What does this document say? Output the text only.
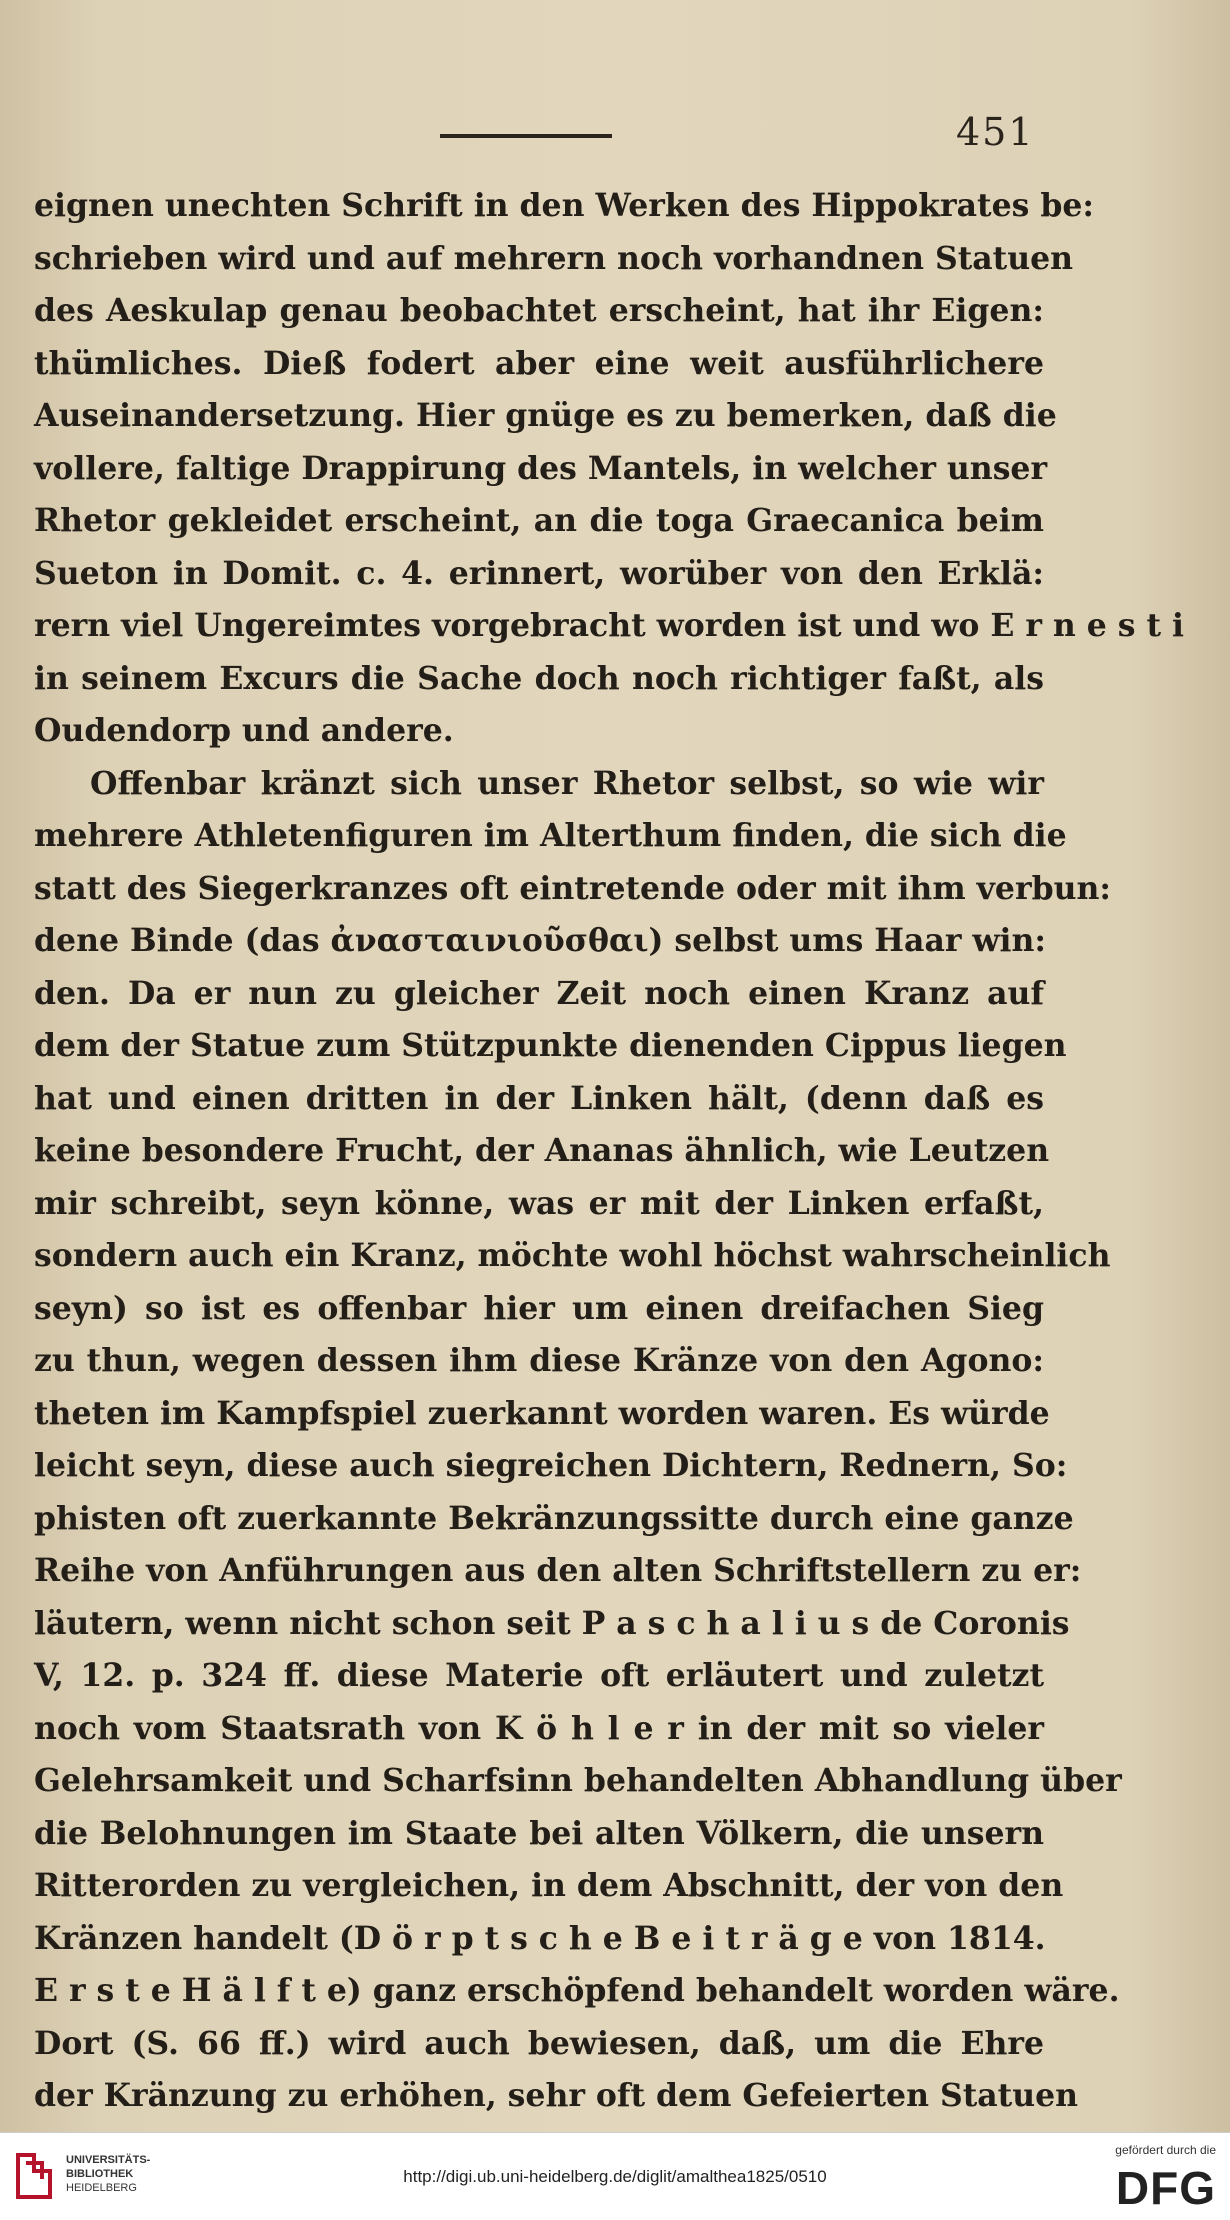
451
eignen unechten Schrift in den Werken des Hippokrates be:
schrieben wird und auf mehrern noch vorhandnen Statuen
des Aeskulap genau beobachtet erscheint, hat ihr Eigen:
thümliches. Dieß fodert aber eine weit ausführlichere
Auseinandersetzung. Hier gnüge es zu bemerken, daß die
vollere, faltige Drappirung des Mantels, in welcher unser
Rhetor gekleidet erscheint, an die toga Graecanica beim
Sueton in Domit. c. 4. erinnert, worüber von den Erklä:
rern viel Ungereimtes vorgebracht worden ist und wo E r n e s t i
in seinem Excurs die Sache doch noch richtiger faßt, als
Oudendorp und andere.
Offenbar kränzt sich unser Rhetor selbst, so wie wir
mehrere Athletenfiguren im Alterthum finden, die sich die
statt des Siegerkranzes oft eintretende oder mit ihm verbun:
dene Binde (das ἀνασταινιοῦσθαι) selbst ums Haar win:
den. Da er nun zu gleicher Zeit noch einen Kranz auf
dem der Statue zum Stützpunkte dienenden Cippus liegen
hat und einen dritten in der Linken hält, (denn daß es
keine besondere Frucht, der Ananas ähnlich, wie Leutzen
mir schreibt, seyn könne, was er mit der Linken erfaßt,
sondern auch ein Kranz, möchte wohl höchst wahrscheinlich
seyn) so ist es offenbar hier um einen dreifachen Sieg
zu thun, wegen dessen ihm diese Kränze von den Agono:
theten im Kampfspiel zuerkannt worden waren. Es würde
leicht seyn, diese auch siegreichen Dichtern, Rednern, So:
phisten oft zuerkannte Bekränzungssitte durch eine ganze
Reihe von Anführungen aus den alten Schriftstellern zu er:
läutern, wenn nicht schon seit P a s c h a l i u s de Coronis
V, 12. p. 324 ff. diese Materie oft erläutert und zuletzt
noch vom Staatsrath von K ö h l e r in der mit so vieler
Gelehrsamkeit und Scharfsinn behandelten Abhandlung über
die Belohnungen im Staate bei alten Völkern, die unsern
Ritterorden zu vergleichen, in dem Abschnitt, der von den
Kränzen handelt (D ö r p t s c h e B e i t r ä g e von 1814.
E r s t e H ä l f t e) ganz erschöpfend behandelt worden wäre.
Dort (S. 66 ff.) wird auch bewiesen, daß, um die Ehre
der Kränzung zu erhöhen, sehr oft dem Gefeierten Statuen
UNIVERSITÄTS-
BIBLIOTHEK
HEIDELBERG
http://digi.ub.uni-heidelberg.de/diglit/amalthea1825/0510
gefördert durch die
DFG
